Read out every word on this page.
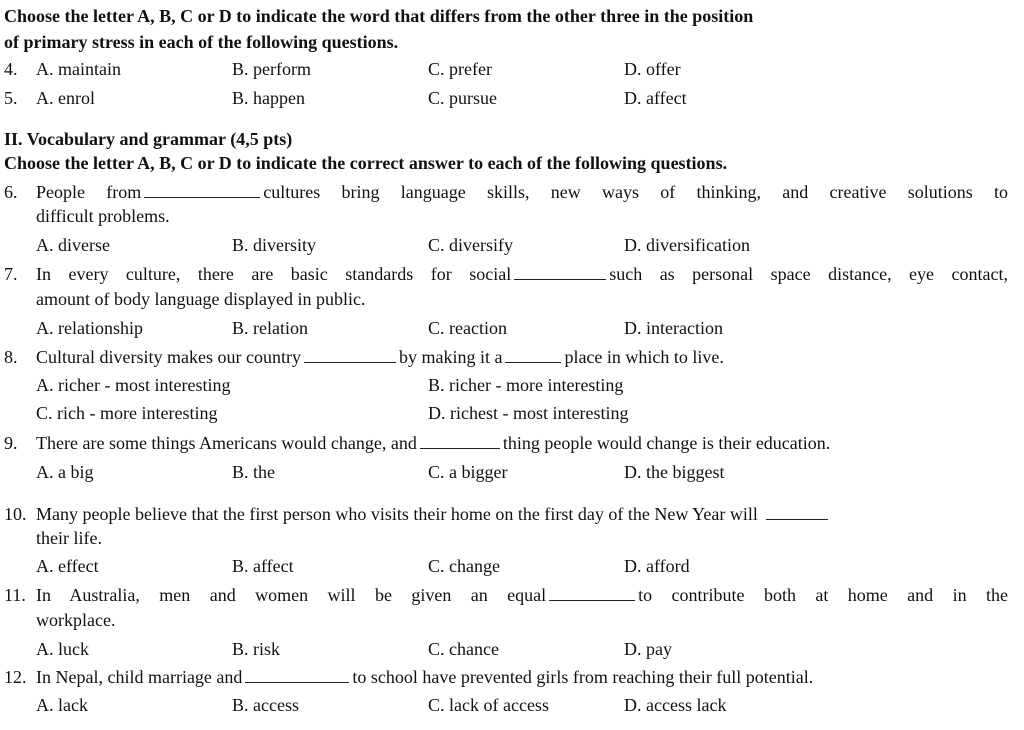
Choose the letter A, B, C or D to indicate the word that differs from the other three in the position
of primary stress in each of the following questions.
4. A. maintain	B. perform	C. prefer	D. offer
5. A. enrol	B. happen	C. pursue	D. affect
II. Vocabulary and grammar (4,5 pts)
Choose the letter A, B, C or D to indicate the correct answer to each of the following questions.
6. People from	cultures bring language skills, new ways of thinking, and creative solutions to
difficult problems.
A. diverse	B. diversity	C. diversify	D. diversification
7. In every culture, there are basic standards for social	such as personal space distance, eye contact,
amount of body language displayed in public.
A. relationship	B. relation	C. reaction	D. interaction
8. Cultural diversity makes our country	by making it a	place in which to live.
A. richer - most interesting	B. richer - more interesting
C. rich - more interesting	D. richest - most interesting
9. There are some things Americans would change, and	thing people would change is their education.
A. a big	B. the	C. a bigger	D. the biggest
10. Many people believe that the first person who visits their home on the first day of the New Year will
their life.
A. effect	B. affect	C. change	D. afford
11. In Australia, men and women will be given an equal	to contribute both at home and in the
workplace.
A. luck	B. risk	C. chance	D. pay
12. In Nepal, child marriage and	to school have prevented girls from reaching their full potential.
A. lack	B. access	C. lack of access	D. access lack
